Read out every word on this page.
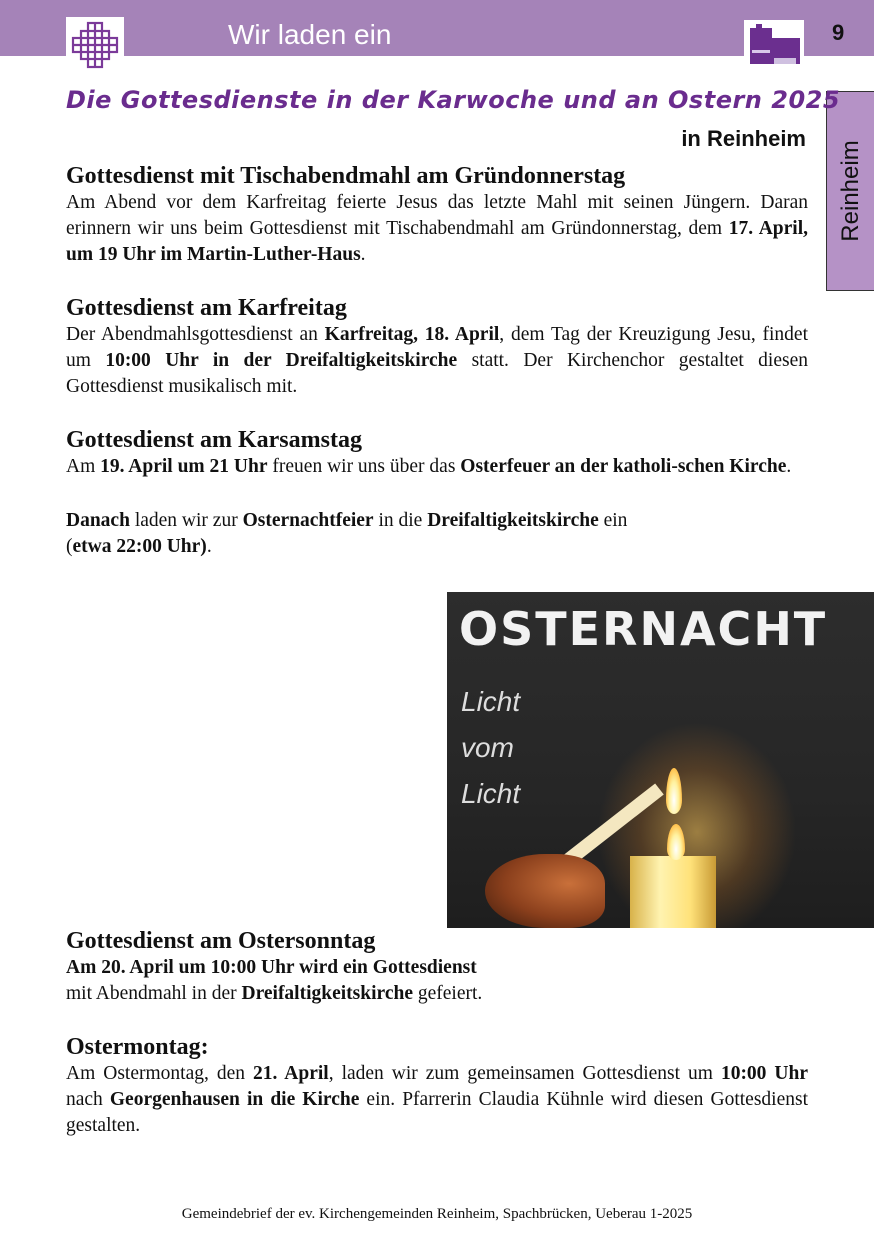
Wir laden ein	9
Reinheim
Die Gottesdienste in der Karwoche und an Ostern 2025
in Reinheim
Gottesdienst mit Tischabendmahl am Gründonnerstag

Am Abend vor dem Karfreitag feierte Jesus das letzte Mahl mit seinen Jüngern. Daran erinnern wir uns beim Gottesdienst mit Tischabendmahl am Gründonnerstag, dem 17. April, um 19 Uhr im Martin-Luther-Haus.

Gottesdienst am Karfreitag

Der Abendmahlsgottesdienst an Karfreitag, 18. April, dem Tag der Kreuzigung Jesu, findet um 10:00 Uhr in der Dreifaltigkeitskirche statt. Der Kirchenchor gestaltet diesen Gottesdienst musikalisch mit.

Gottesdienst am Karsamstag

Am 19. April um 21 Uhr freuen wir uns über das Osterfeuer an der katholi-schen Kirche.

Danach laden wir zur Osternachtfeier in die Dreifaltigkeitskirche ein
(etwa 22:00 Uhr).

OSTERNACHT
Licht
vom
Licht
Gottesdienst am Ostersonntag

Am 20. April um 10:00 Uhr wird ein Gottesdienst
mit Abendmahl in der Dreifaltigkeitskirche gefeiert.

Ostermontag:

Am Ostermontag, den 21. April, laden wir zum gemeinsamen Gottesdienst um 10:00 Uhr nach Georgenhausen in die Kirche ein. Pfarrerin Claudia Kühnle wird diesen Gottesdienst gestalten.

Gemeindebrief der ev. Kirchengemeinden Reinheim, Spachbrücken, Ueberau 1-2025
